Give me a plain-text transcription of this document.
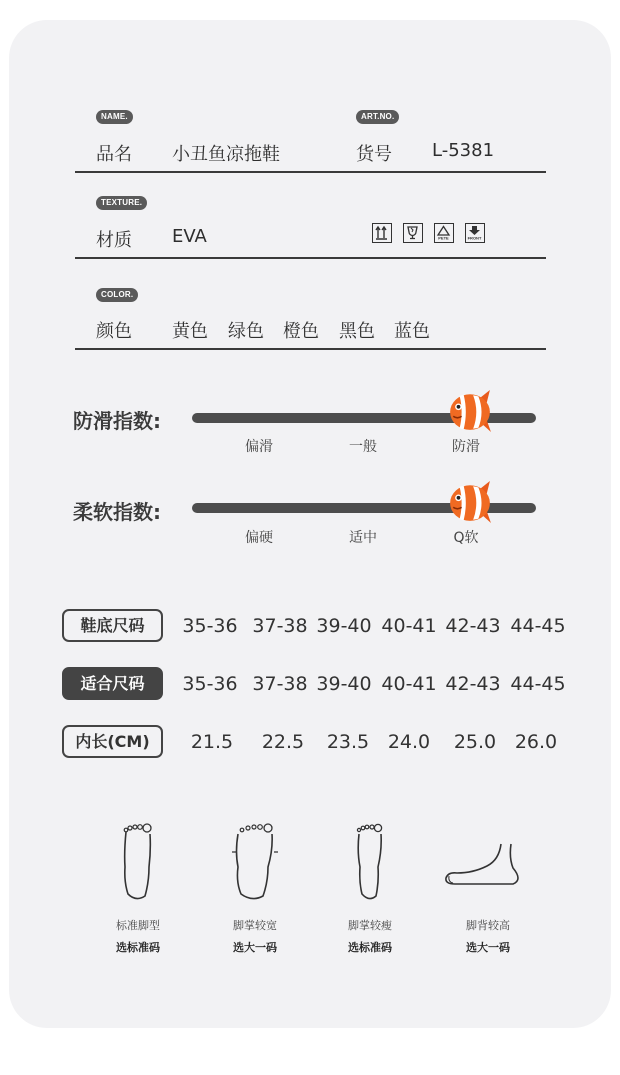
NAME.
品名 小丑鱼凉拖鞋
ART.NO.
货号 L-5381
TEXTURE.
材质 EVA	PETE	FRONT
COLOR.
颜色 黄色 绿色 橙色 黑色 蓝色
防滑指数:
偏滑	一般	防滑
柔软指数:
偏硬	适中	Q软
鞋底尺码	35-36 37-38 39-40 40-41 42-43 44-45
适合尺码	35-36 37-38 39-40 40-41 42-43 44-45
内长(CM)	21.5 22.5 23.5 24.0 25.0 26.0
标准脚型
选标准码
脚掌较宽
选大一码
脚掌较瘦
选标准码
脚背较高
选大一码
